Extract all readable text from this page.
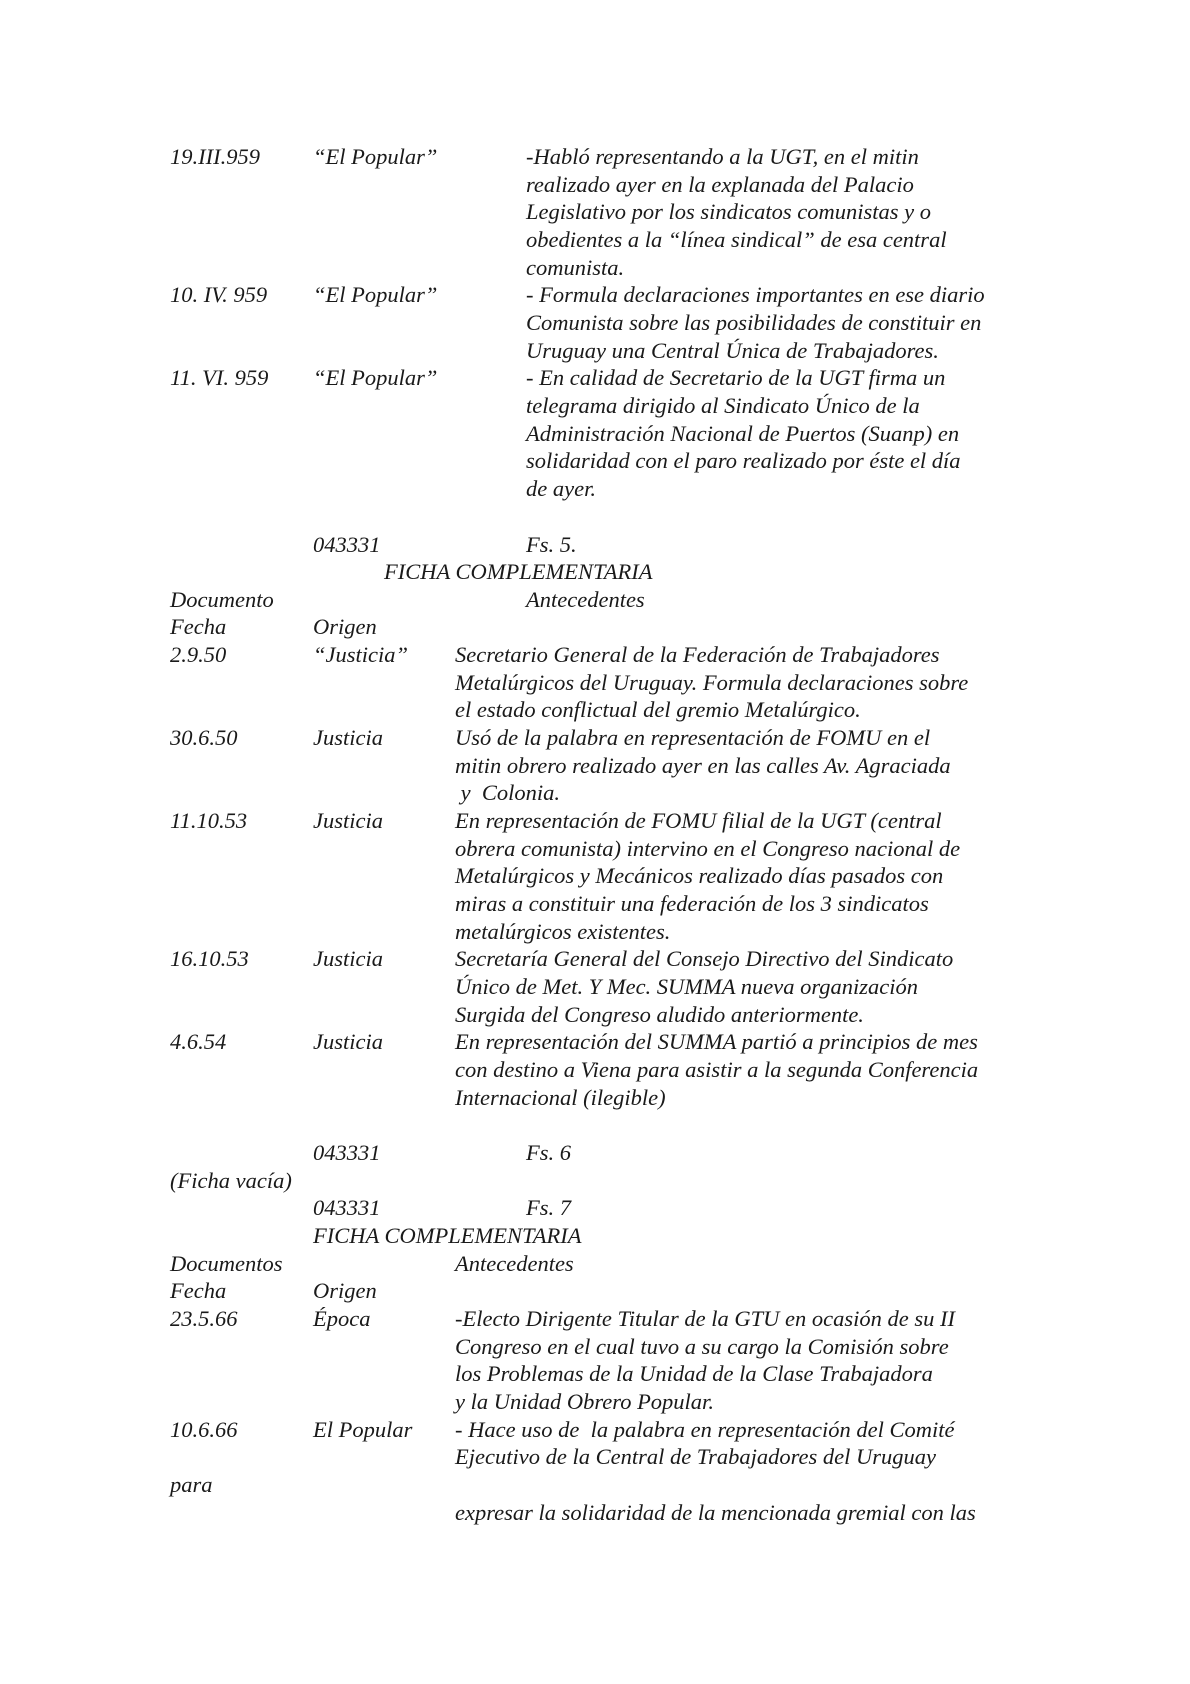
19.III.959 “El Popular”	-Habló representando a la UGT, en el mitin
realizado ayer en la explanada del Palacio
Legislativo por los sindicatos comunistas y o
obedientes a la “línea sindical” de esa central
comunista.
10. IV. 959 “El Popular”	- Formula declaraciones importantes en ese diario
Comunista sobre las posibilidades de constituir en
Uruguay una Central Única de Trabajadores.
11. VI. 959 “El Popular”	- En calidad de Secretario de la UGT firma un
telegrama dirigido al Sindicato Único de la
Administración Nacional de Puertos (Suanp) en
solidaridad con el paro realizado por éste el día
de ayer.
043331	Fs. 5.
FICHA COMPLEMENTARIA
Documento	Antecedentes
Fecha	Origen
2.9.50	“Justicia” Secretario General de la Federación de Trabajadores
Metalúrgicos del Uruguay. Formula declaraciones sobre
el estado conflictual del gremio Metalúrgico.
30.6.50	Justicia	Usó de la palabra en representación de FOMU en el
mitin obrero realizado ayer en las calles Av. Agraciada
y  Colonia.
11.10.53	Justicia	En representación de FOMU filial de la UGT (central
obrera comunista) intervino en el Congreso nacional de
Metalúrgicos y Mecánicos realizado días pasados con
miras a constituir una federación de los 3 sindicatos
metalúrgicos existentes.
16.10.53	Justicia	Secretaría General del Consejo Directivo del Sindicato
Único de Met. Y Mec. SUMMA nueva organización
Surgida del Congreso aludido anteriormente.
4.6.54	Justicia	En representación del SUMMA partió a principios de mes
con destino a Viena para asistir a la segunda Conferencia
Internacional (ilegible)
043331	Fs. 6
(Ficha vacía)
043331	Fs. 7
FICHA COMPLEMENTARIA
Documentos	Antecedentes
Fecha	Origen
23.5.66	Época	-Electo Dirigente Titular de la GTU en ocasión de su II
Congreso en el cual tuvo a su cargo la Comisión sobre
los Problemas de la Unidad de la Clase Trabajadora
y la Unidad Obrero Popular.
10.6.66	El Popular - Hace uso de  la palabra en representación del Comité
Ejecutivo de la Central de Trabajadores del Uruguay
para
expresar la solidaridad de la mencionada gremial con las
